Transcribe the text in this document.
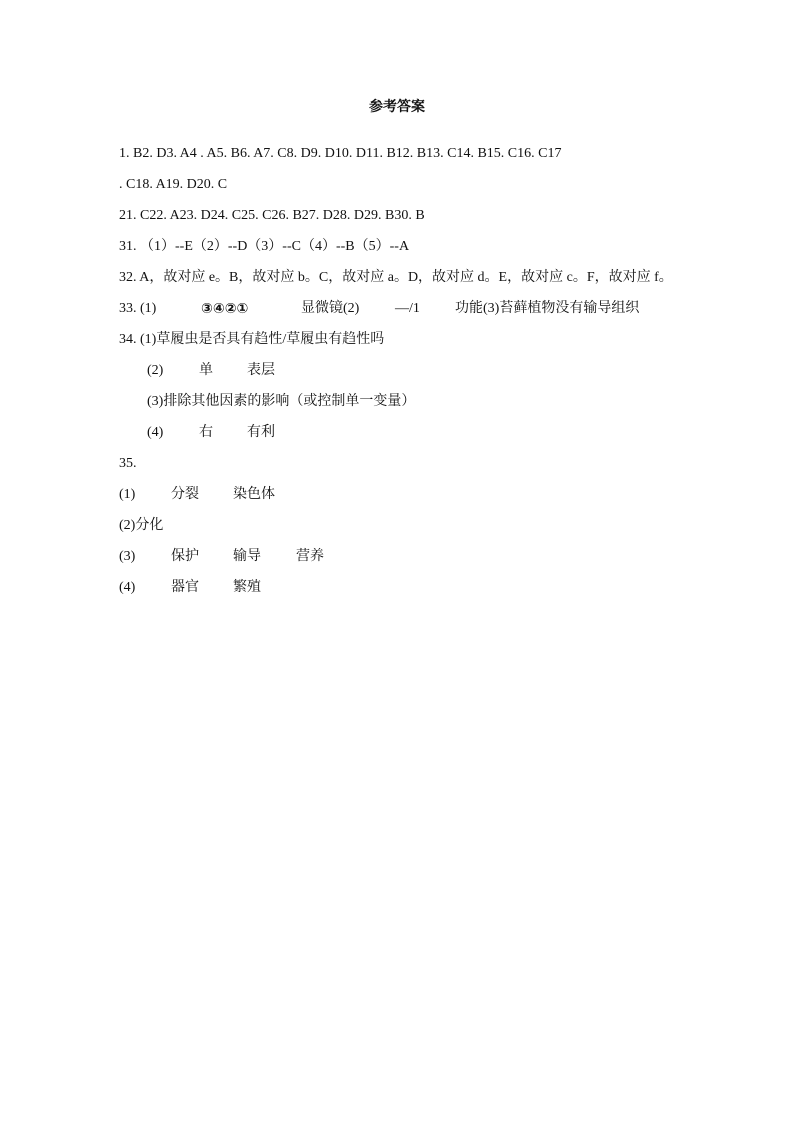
参考答案
1. B2. D3. A4 . A5. B6. A7. C8. D9. D10. D11. B12. B13. C14. B15. C16. C17
. C18. A19. D20. C
21. C22. A23. D24. C25. C26. B27. D28. D29. B30. B
31. （1）--E（2）--D（3）--C（4）--B（5）--A
32. A，故对应 e。B，故对应 b。C，故对应 a。D，故对应 d。E，故对应 c。F，故对应 f。
33. (1)	③④②①	显微镜(2)	—/1	功能(3)苔藓植物没有输导组织
34. (1)草履虫是否具有趋性/草履虫有趋性吗
(2)	单 表层
(3)排除其他因素的影响（或控制单一变量）
(4)	右 有利
35.
(1)	分裂 染色体
(2)分化
(3)	保护 输导	营养
(4)	器官 繁殖
